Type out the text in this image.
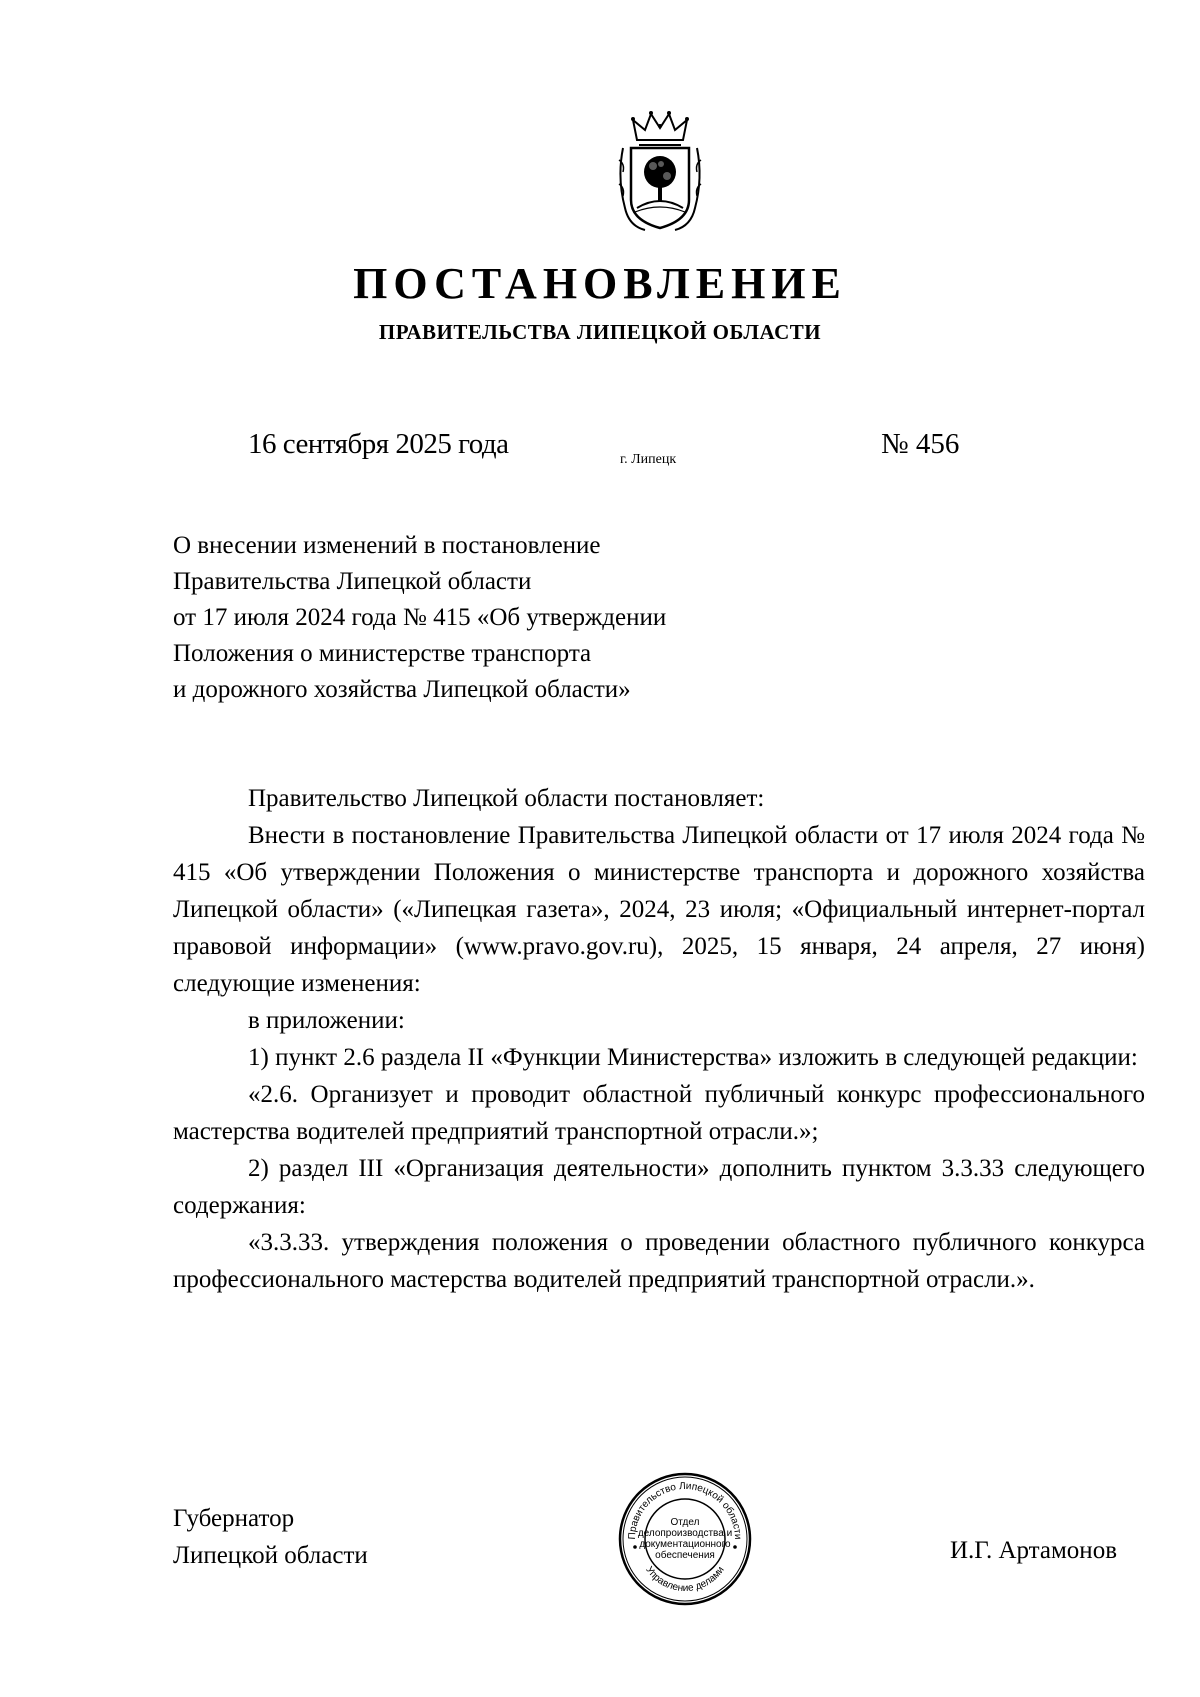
ПОСТАНОВЛЕНИЕ
ПРАВИТЕЛЬСТВА ЛИПЕЦКОЙ ОБЛАСТИ
16 сентября 2025 года	г. Липецк	№ 456
О внесении изменений в постановление
Правительства Липецкой области
от 17 июля 2024 года № 415 «Об утверждении
Положения о министерстве транспорта
и дорожного хозяйства Липецкой области»

Правительство Липецкой области постановляет:

Внести в постановление Правительства Липецкой области от 17 июля 2024 года № 415 «Об утверждении Положения о министерстве транспорта и дорожного хозяйства Липецкой области» («Липецкая газета», 2024, 23 июля; «Официальный интернет-портал правовой информации» (www.pravo.gov.ru), 2025, 15 января, 24 апреля, 27 июня) следующие изменения:

в приложении:

1) пункт 2.6 раздела II «Функции Министерства» изложить в следующей редакции:

«2.6. Организует и проводит областной публичный конкурс профессионального мастерства водителей предприятий транспортной отрасли.»;

2) раздел III «Организация деятельности» дополнить пунктом 3.3.33 следующего содержания:

«3.3.33. утверждения положения о проведении областного публичного конкурса профессионального мастерства водителей предприятий транспортной отрасли.».

Губернатор
Липецкой области
Правительство Липецкой области
Управление делами
Отдел
делопроизводства и
документационного
обеспечения	И.Г. Артамонов
